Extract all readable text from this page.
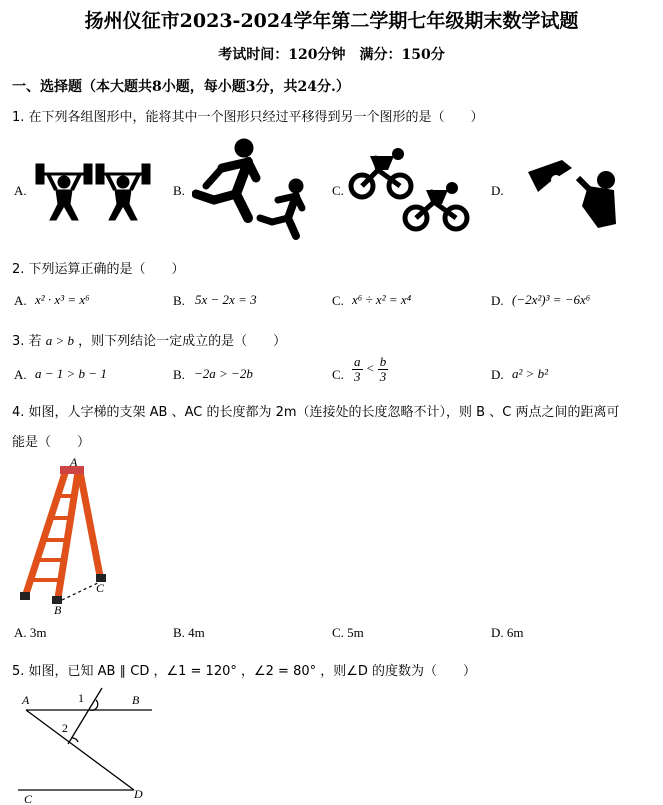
扬州仪征市2023-2024学年第二学期七年级期末数学试题
考试时间：120分钟　满分：150分
一、选择题（本大题共8小题，每小题3分，共24分.）
1. 在下列各组图形中，能将其中一个图形只经过平移得到另一个图形的是（　　）
A.	B.	C.	D.
2. 下列运算正确的是（　　）
A. x² · x³ = x⁶	B. 5x − 2x = 3	C. x⁶ ÷ x² = x⁴	D. (−2x²)³ = −6x⁶
3. 若 a > b ，则下列结论一定成立的是（　　）
A. a − 1 > b − 1	B. −2a > −2b	C. $\frac{a}{3} < \frac{b}{3}$	D. a² > b²
4. 如图，人字梯的支架 AB 、AC 的长度都为 2m（连接处的长度忽略不计），则 B 、C 两点之间的距离可
能是（　　）
A
B
C
A. 3m	B. 4m	C. 5m	D. 6m
5. 如图，已知 AB ∥ CD ，∠1 = 120° ，∠2 = 80° ，则∠D 的度数为（　　）
A	B
C	D
1
2
